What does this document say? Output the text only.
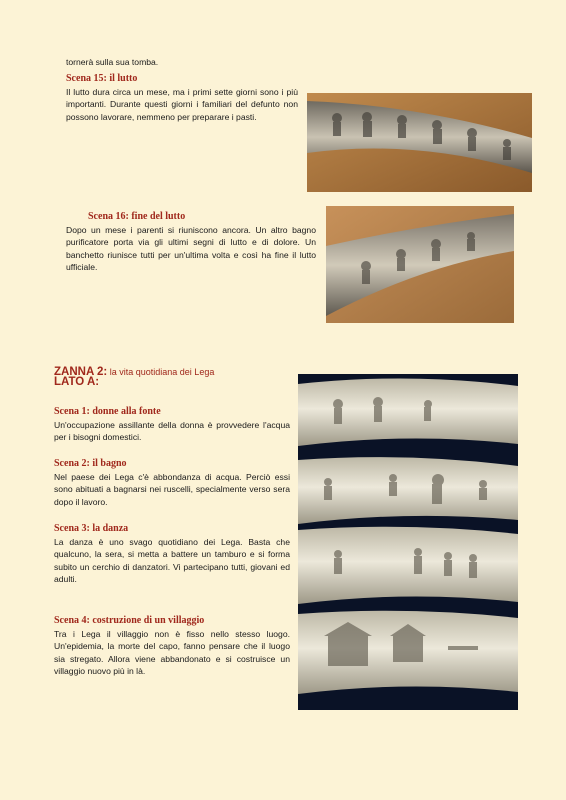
tornerà sulla sua tomba.

Scena 15: il lutto

Il lutto dura circa un mese, ma i primi sette giorni sono i più importanti. Durante questi giorni i familiari del defunto non possono lavorare, nemmeno per preparare i pasti.

Scena 16: fine del lutto

Dopo un mese i parenti si riuniscono ancora. Un altro bagno purificatore porta via gli ultimi segni di lutto e di dolore. Un banchetto riunisce tutti per un'ultima volta e così ha fine il lutto ufficiale.

ZANNA 2: la vita quotidiana dei Lega

LATO A:

Scena 1: donne alla fonte

Un'occupazione assillante della donna è provvedere l'acqua per i bisogni domestici.

Scena 2: il bagno

Nel paese dei Lega c'è abbondanza di acqua. Perciò essi sono abituati a bagnarsi nei ruscelli, specialmente verso sera dopo il lavoro.

Scena 3: la danza

La danza è uno svago quotidiano dei Lega. Basta che qualcuno, la sera, si metta a battere un tamburo e si forma subito un cerchio di danzatori. Vi partecipano tutti, giovani ed adulti.

Scena 4: costruzione di un villaggio

Tra i Lega il villaggio non è fisso nello stesso luogo. Un'epidemia, la morte del capo, fanno pensare che il luogo sia stregato. Allora viene abbandonato e si costruisce un villaggio nuovo più in là.
